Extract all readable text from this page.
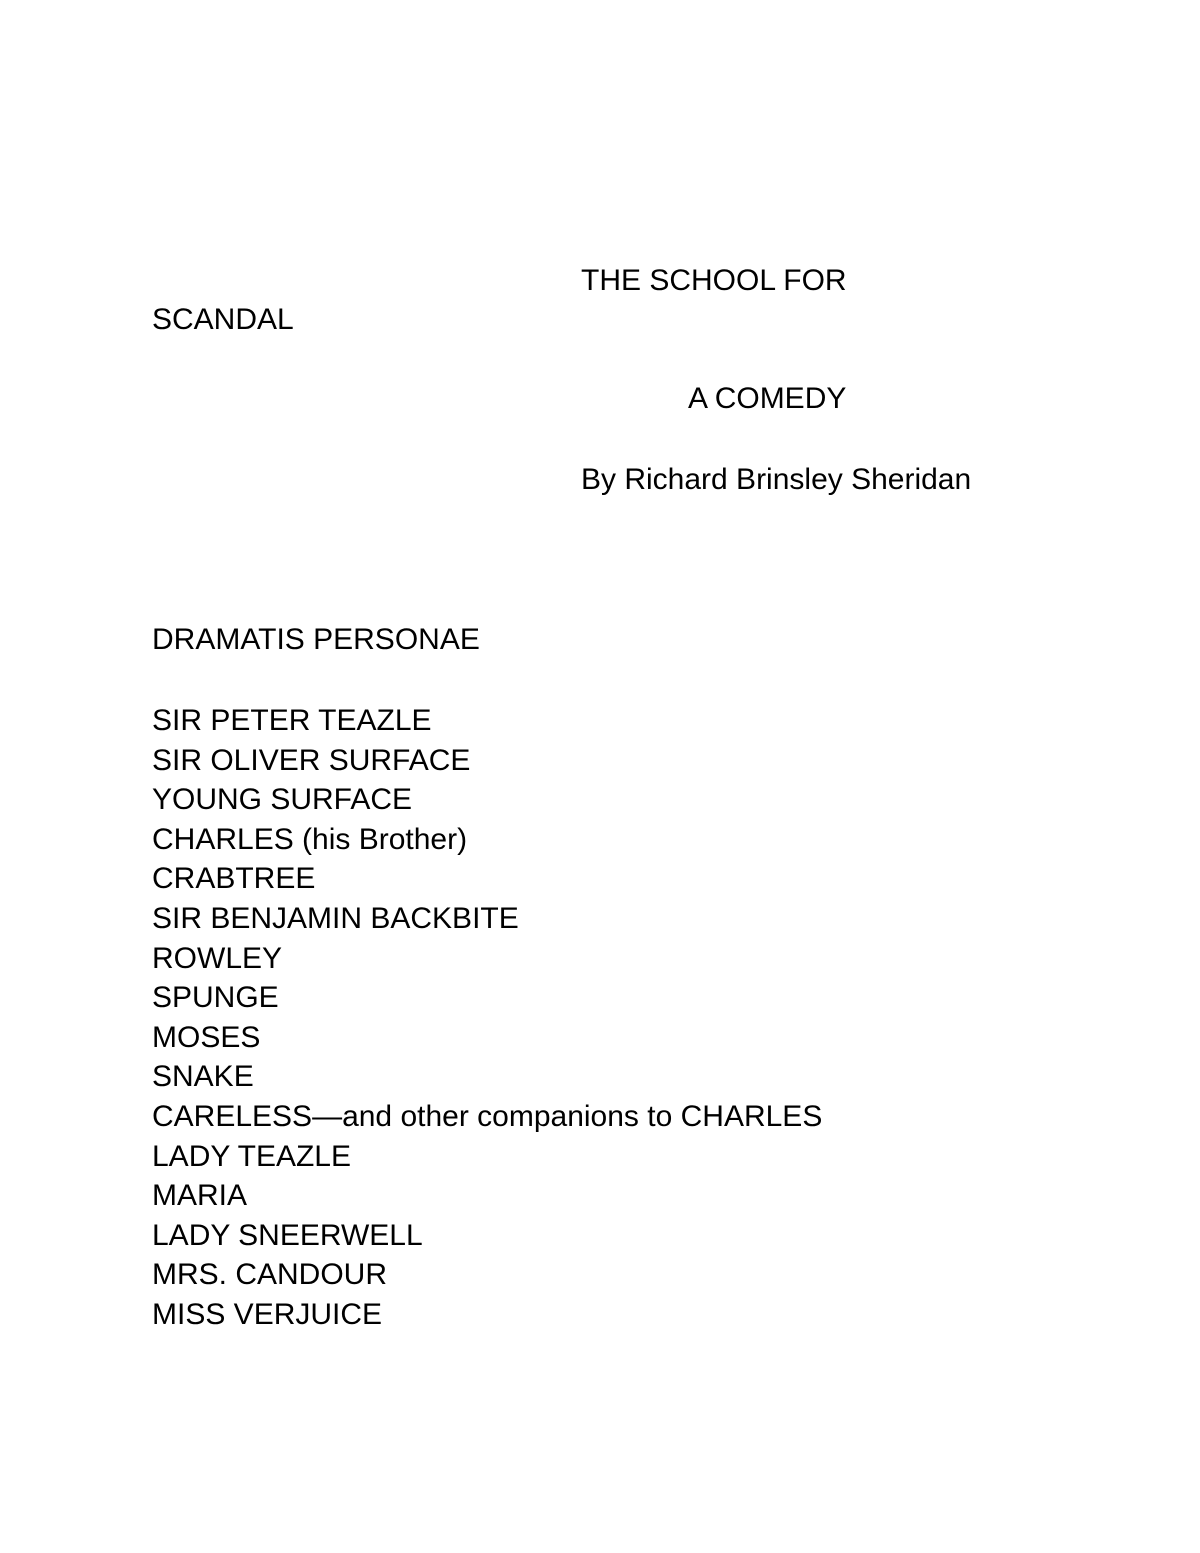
THE SCHOOL FOR

SCANDAL

A COMEDY

By Richard Brinsley Sheridan

DRAMATIS PERSONAE

SIR PETER TEAZLE
SIR OLIVER SURFACE
YOUNG SURFACE
CHARLES (his Brother)
CRABTREE
SIR BENJAMIN BACKBITE
ROWLEY
SPUNGE
MOSES
SNAKE
CARELESS—and other companions to CHARLES
LADY TEAZLE
MARIA
LADY SNEERWELL
MRS. CANDOUR
MISS VERJUICE
